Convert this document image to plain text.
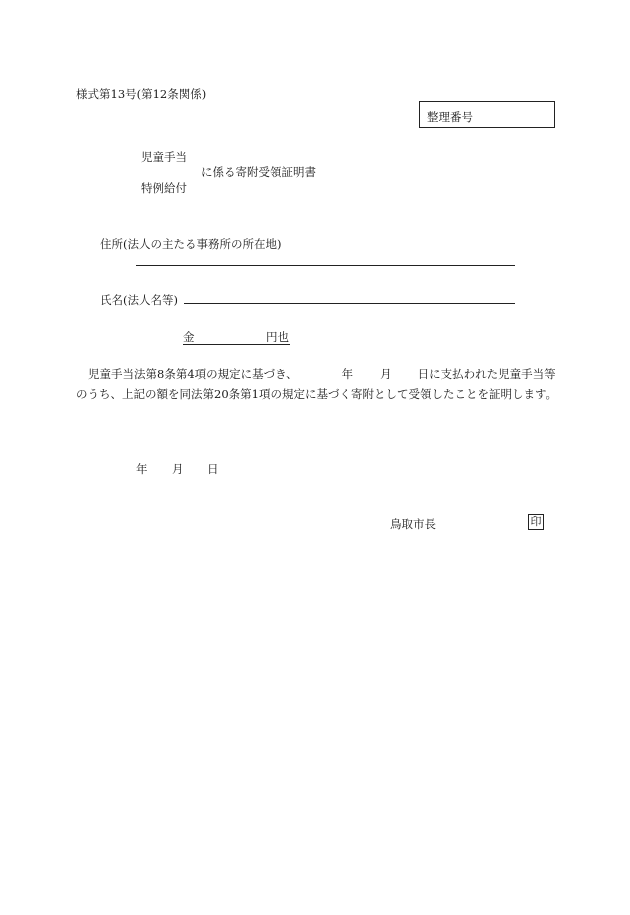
様式第13号(第12条関係)
整理番号
児童手当
に係る寄附受領証明書
特例給付
住所(法人の主たる事務所の所在地)
氏名(法人名等)
金	円也
児童手当法第8条第4項の規定に基づき、	年 月 日に支払われた児童手当等のうち、上記の額を同法第20条第1項の規定に基づく寄附として受領したことを証明します。
年 月 日
鳥取市長	印
